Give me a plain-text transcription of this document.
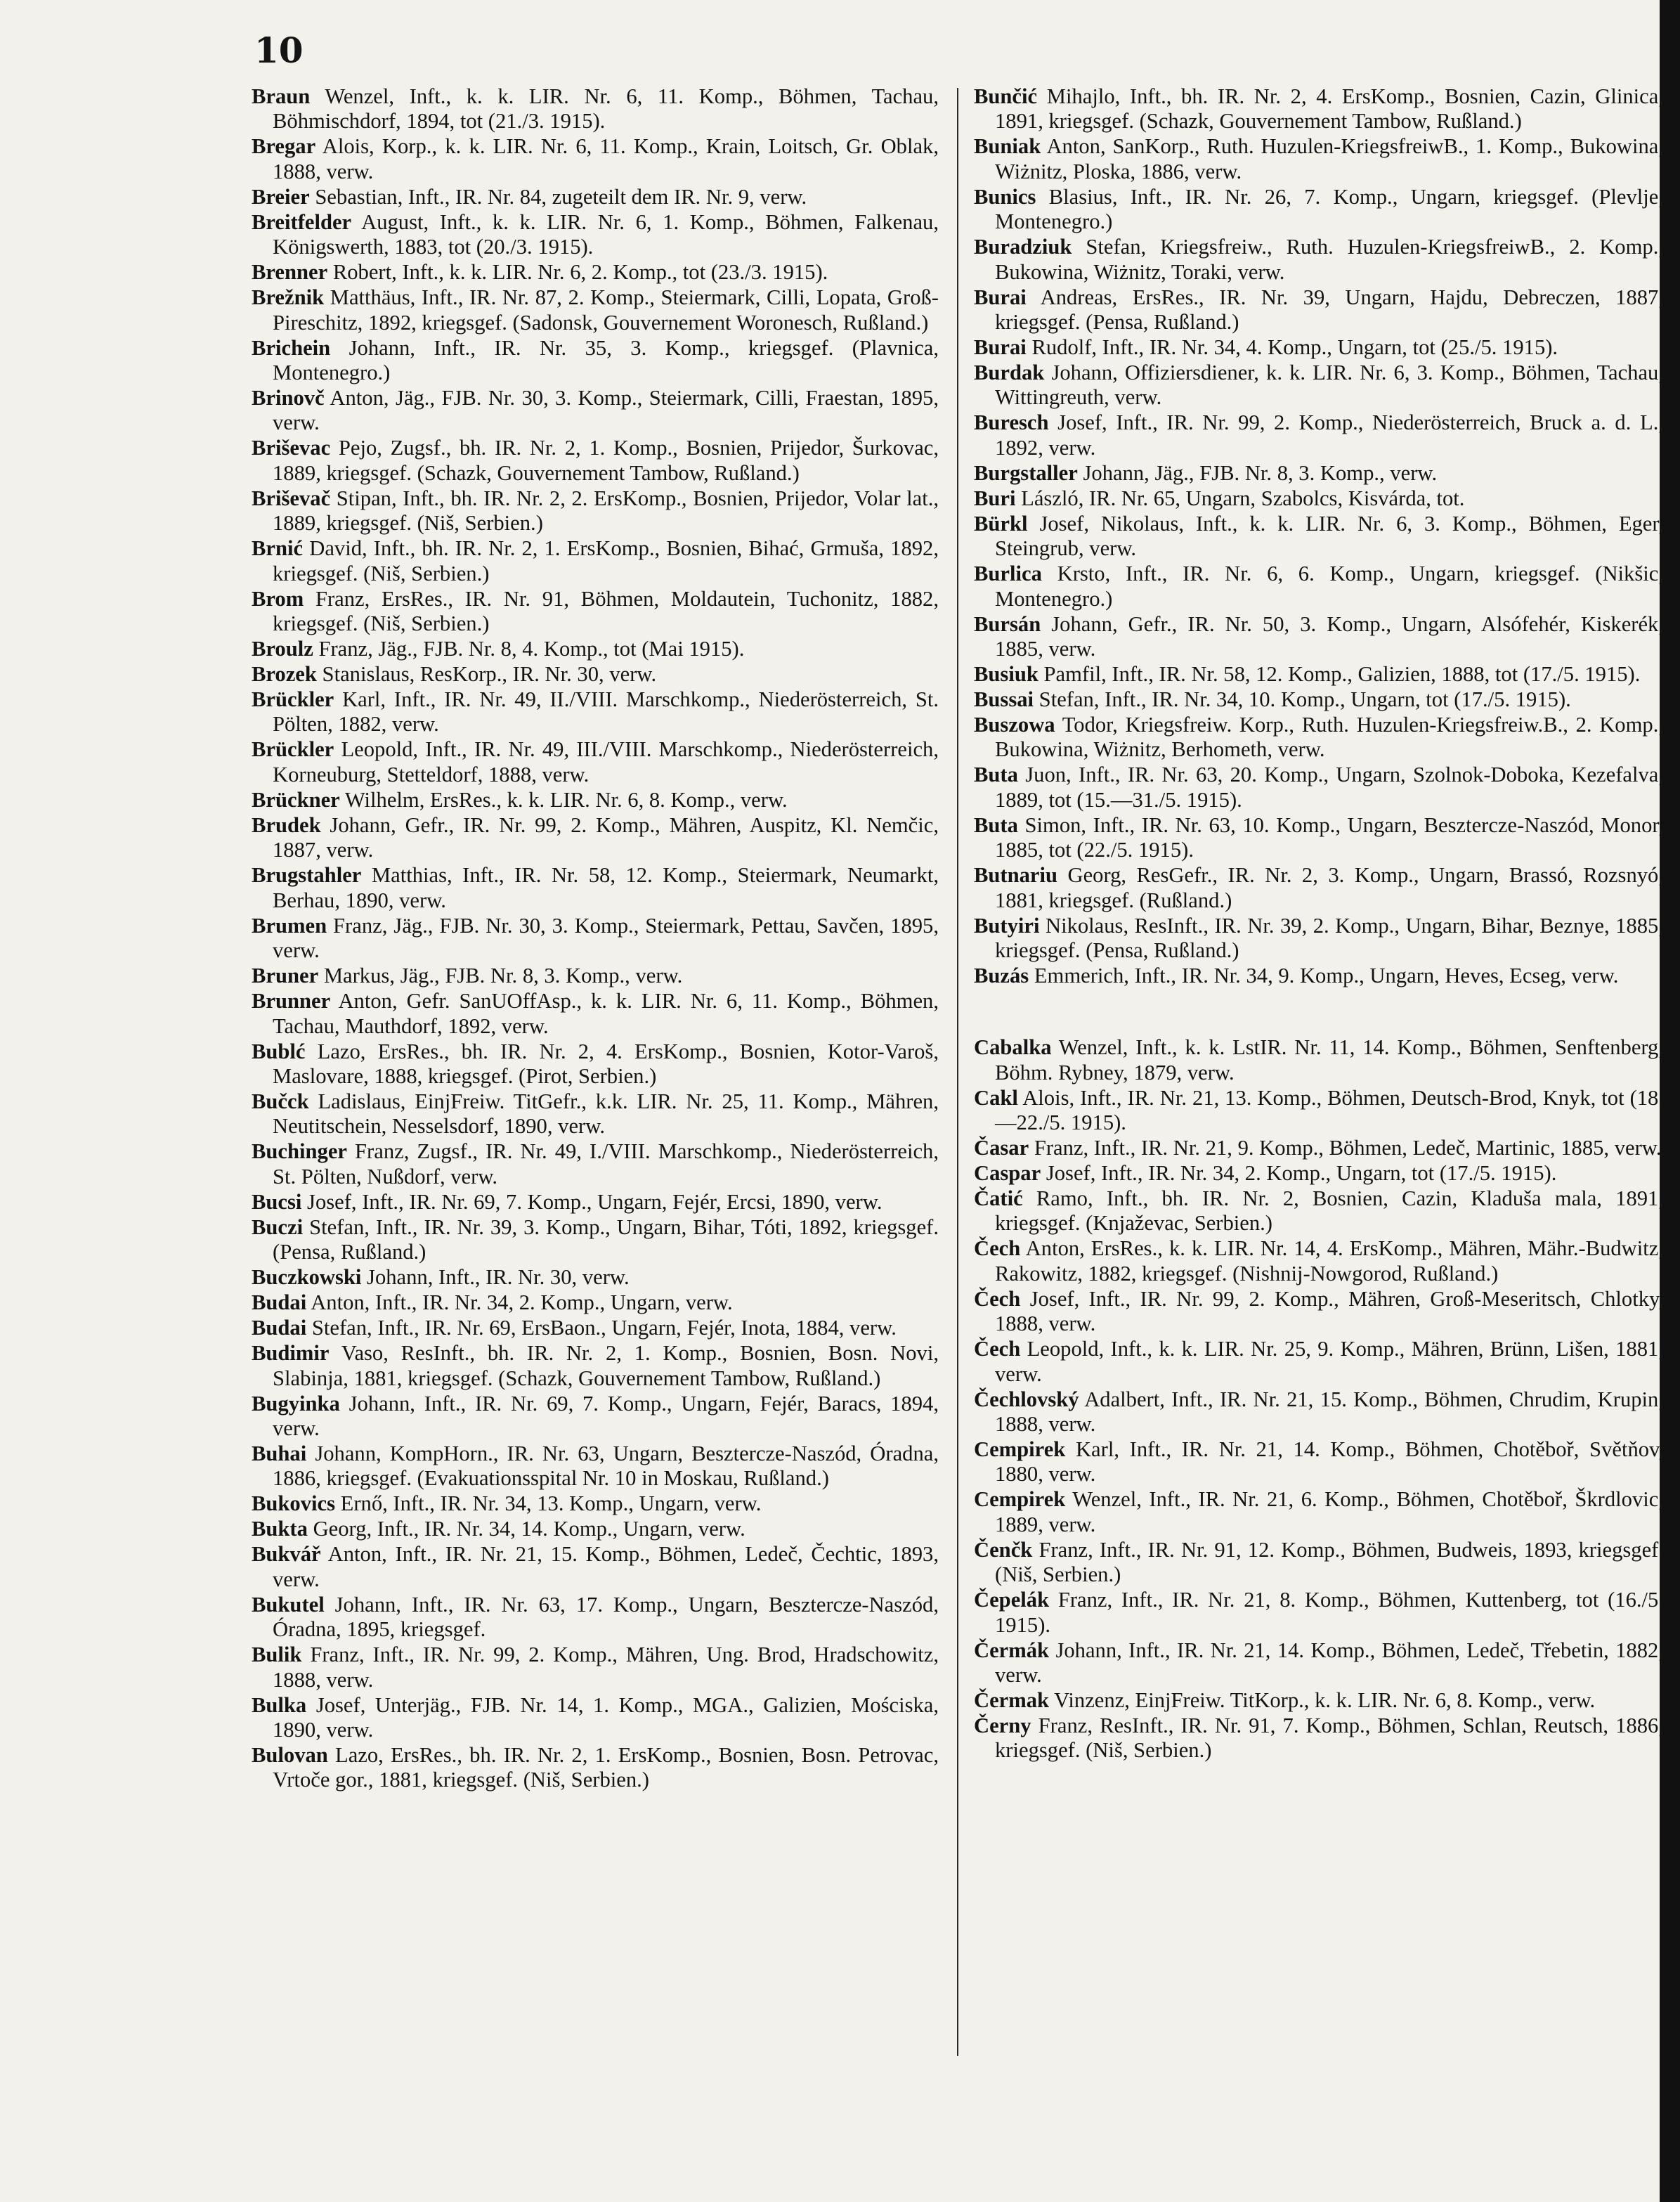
10

Braun Wenzel, Inft., k. k. LIR. Nr. 6, 11. Komp., Böhmen, Tachau, Böhmischdorf, 1894, tot (21./3. 1915).

Bregar Alois, Korp., k. k. LIR. Nr. 6, 11. Komp., Krain, Loitsch, Gr. Oblak, 1888, verw.

Breier Sebastian, Inft., IR. Nr. 84, zugeteilt dem IR. Nr. 9, verw.

Breitfelder August, Inft., k. k. LIR. Nr. 6, 1. Komp., Böhmen, Falkenau, Königswerth, 1883, tot (20./3. 1915).

Brenner Robert, Inft., k. k. LIR. Nr. 6, 2. Komp., tot (23./3. 1915).

Brežnik Matthäus, Inft., IR. Nr. 87, 2. Komp., Steiermark, Cilli, Lopata, Groß-Pireschitz, 1892, kriegsgef. (Sadonsk, Gouvernement Woronesch, Rußland.)

Brichein Johann, Inft., IR. Nr. 35, 3. Komp., kriegsgef. (Plavnica, Montenegro.)

Brinovč Anton, Jäg., FJB. Nr. 30, 3. Komp., Steiermark, Cilli, Fraestan, 1895, verw.

Briševac Pejo, Zugsf., bh. IR. Nr. 2, 1. Komp., Bosnien, Prijedor, Šurkovac, 1889, kriegsgef. (Schazk, Gouvernement Tambow, Rußland.)

Briševač Stipan, Inft., bh. IR. Nr. 2, 2. ErsKomp., Bosnien, Prijedor, Volar lat., 1889, kriegsgef. (Niš, Serbien.)

Brnić David, Inft., bh. IR. Nr. 2, 1. ErsKomp., Bosnien, Bihać, Grmuša, 1892, kriegsgef. (Niš, Serbien.)

Brom Franz, ErsRes., IR. Nr. 91, Böhmen, Moldautein, Tuchonitz, 1882, kriegsgef. (Niš, Serbien.)

Broulz Franz, Jäg., FJB. Nr. 8, 4. Komp., tot (Mai 1915).

Brozek Stanislaus, ResKorp., IR. Nr. 30, verw.

Brückler Karl, Inft., IR. Nr. 49, II./VIII. Marschkomp., Niederösterreich, St. Pölten, 1882, verw.

Brückler Leopold, Inft., IR. Nr. 49, III./VIII. Marschkomp., Niederösterreich, Korneuburg, Stetteldorf, 1888, verw.

Brückner Wilhelm, ErsRes., k. k. LIR. Nr. 6, 8. Komp., verw.

Brudek Johann, Gefr., IR. Nr. 99, 2. Komp., Mähren, Auspitz, Kl. Nemčic, 1887, verw.

Brugstahler Matthias, Inft., IR. Nr. 58, 12. Komp., Steiermark, Neumarkt, Berhau, 1890, verw.

Brumen Franz, Jäg., FJB. Nr. 30, 3. Komp., Steiermark, Pettau, Savčen, 1895, verw.

Bruner Markus, Jäg., FJB. Nr. 8, 3. Komp., verw.

Brunner Anton, Gefr. SanUOffAsp., k. k. LIR. Nr. 6, 11. Komp., Böhmen, Tachau, Mauthdorf, 1892, verw.

Bublć Lazo, ErsRes., bh. IR. Nr. 2, 4. ErsKomp., Bosnien, Kotor-Varoš, Maslovare, 1888, kriegsgef. (Pirot, Serbien.)

Bučck Ladislaus, EinjFreiw. TitGefr., k.k. LIR. Nr. 25, 11. Komp., Mähren, Neutitschein, Nesselsdorf, 1890, verw.

Buchinger Franz, Zugsf., IR. Nr. 49, I./VIII. Marschkomp., Niederösterreich, St. Pölten, Nußdorf, verw.

Bucsi Josef, Inft., IR. Nr. 69, 7. Komp., Ungarn, Fejér, Ercsi, 1890, verw.

Buczi Stefan, Inft., IR. Nr. 39, 3. Komp., Ungarn, Bihar, Tóti, 1892, kriegsgef. (Pensa, Rußland.)

Buczkowski Johann, Inft., IR. Nr. 30, verw.

Budai Anton, Inft., IR. Nr. 34, 2. Komp., Ungarn, verw.

Budai Stefan, Inft., IR. Nr. 69, ErsBaon., Ungarn, Fejér, Inota, 1884, verw.

Budimir Vaso, ResInft., bh. IR. Nr. 2, 1. Komp., Bosnien, Bosn. Novi, Slabinja, 1881, kriegsgef. (Schazk, Gouvernement Tambow, Rußland.)

Bugyinka Johann, Inft., IR. Nr. 69, 7. Komp., Ungarn, Fejér, Baracs, 1894, verw.

Buhai Johann, KompHorn., IR. Nr. 63, Ungarn, Besztercze-Naszód, Óradna, 1886, kriegsgef. (Evakuationsspital Nr. 10 in Moskau, Rußland.)

Bukovics Ernő, Inft., IR. Nr. 34, 13. Komp., Ungarn, verw.

Bukta Georg, Inft., IR. Nr. 34, 14. Komp., Ungarn, verw.

Bukvář Anton, Inft., IR. Nr. 21, 15. Komp., Böhmen, Ledeč, Čechtic, 1893, verw.

Bukutel Johann, Inft., IR. Nr. 63, 17. Komp., Ungarn, Besztercze-Naszód, Óradna, 1895, kriegsgef.

Bulik Franz, Inft., IR. Nr. 99, 2. Komp., Mähren, Ung. Brod, Hradschowitz, 1888, verw.

Bulka Josef, Unterjäg., FJB. Nr. 14, 1. Komp., MGA., Galizien, Mościska, 1890, verw.

Bulovan Lazo, ErsRes., bh. IR. Nr. 2, 1. ErsKomp., Bosnien, Bosn. Petrovac, Vrtoče gor., 1881, kriegsgef. (Niš, Serbien.)

Bunčić Mihajlo, Inft., bh. IR. Nr. 2, 4. ErsKomp., Bosnien, Cazin, Glinica, 1891, kriegsgef. (Schazk, Gouvernement Tambow, Rußland.)

Buniak Anton, SanKorp., Ruth. Huzulen-KriegsfreiwB., 1. Komp., Bukowina, Wiżnitz, Ploska, 1886, verw.

Bunics Blasius, Inft., IR. Nr. 26, 7. Komp., Ungarn, kriegsgef. (Plevlje, Montenegro.)

Buradziuk Stefan, Kriegsfreiw., Ruth. Huzulen-KriegsfreiwB., 2. Komp., Bukowina, Wiżnitz, Toraki, verw.

Burai Andreas, ErsRes., IR. Nr. 39, Ungarn, Hajdu, Debreczen, 1887, kriegsgef. (Pensa, Rußland.)

Burai Rudolf, Inft., IR. Nr. 34, 4. Komp., Ungarn, tot (25./5. 1915).

Burdak Johann, Offiziersdiener, k. k. LIR. Nr. 6, 3. Komp., Böhmen, Tachau, Wittingreuth, verw.

Buresch Josef, Inft., IR. Nr. 99, 2. Komp., Niederösterreich, Bruck a. d. L., 1892, verw.

Burgstaller Johann, Jäg., FJB. Nr. 8, 3. Komp., verw.

Buri László, IR. Nr. 65, Ungarn, Szabolcs, Kisvárda, tot.

Bürkl Josef, Nikolaus, Inft., k. k. LIR. Nr. 6, 3. Komp., Böhmen, Eger, Steingrub, verw.

Burlica Krsto, Inft., IR. Nr. 6, 6. Komp., Ungarn, kriegsgef. (Nikšic, Montenegro.)

Bursán Johann, Gefr., IR. Nr. 50, 3. Komp., Ungarn, Alsófehér, Kiskerék, 1885, verw.

Busiuk Pamfil, Inft., IR. Nr. 58, 12. Komp., Galizien, 1888, tot (17./5. 1915).

Bussai Stefan, Inft., IR. Nr. 34, 10. Komp., Ungarn, tot (17./5. 1915).

Buszowa Todor, Kriegsfreiw. Korp., Ruth. Huzulen-Kriegsfreiw.B., 2. Komp., Bukowina, Wiżnitz, Berhometh, verw.

Buta Juon, Inft., IR. Nr. 63, 20. Komp., Ungarn, Szolnok-Doboka, Kezefalva, 1889, tot (15.—31./5. 1915).

Buta Simon, Inft., IR. Nr. 63, 10. Komp., Ungarn, Besztercze-Naszód, Monor, 1885, tot (22./5. 1915).

Butnariu Georg, ResGefr., IR. Nr. 2, 3. Komp., Ungarn, Brassó, Rozsnyó, 1881, kriegsgef. (Rußland.)

Butyiri Nikolaus, ResInft., IR. Nr. 39, 2. Komp., Ungarn, Bihar, Beznye, 1885, kriegsgef. (Pensa, Rußland.)

Buzás Emmerich, Inft., IR. Nr. 34, 9. Komp., Ungarn, Heves, Ecseg, verw.

Cabalka Wenzel, Inft., k. k. LstIR. Nr. 11, 14. Komp., Böhmen, Senftenberg, Böhm. Rybney, 1879, verw.

Cakl Alois, Inft., IR. Nr. 21, 13. Komp., Böhmen, Deutsch-Brod, Knyk, tot (18.—22./5. 1915).

Časar Franz, Inft., IR. Nr. 21, 9. Komp., Böhmen, Ledeč, Martinic, 1885, verw.

Caspar Josef, Inft., IR. Nr. 34, 2. Komp., Ungarn, tot (17./5. 1915).

Čatić Ramo, Inft., bh. IR. Nr. 2, Bosnien, Cazin, Kladuša mala, 1891, kriegsgef. (Knjaževac, Serbien.)

Čech Anton, ErsRes., k. k. LIR. Nr. 14, 4. ErsKomp., Mähren, Mähr.-Budwitz, Rakowitz, 1882, kriegsgef. (Nishnij-Nowgorod, Rußland.)

Čech Josef, Inft., IR. Nr. 99, 2. Komp., Mähren, Groß-Meseritsch, Chlotky, 1888, verw.

Čech Leopold, Inft., k. k. LIR. Nr. 25, 9. Komp., Mähren, Brünn, Lišen, 1881, verw.

Čechlovský Adalbert, Inft., IR. Nr. 21, 15. Komp., Böhmen, Chrudim, Krupin, 1888, verw.

Cempirek Karl, Inft., IR. Nr. 21, 14. Komp., Böhmen, Chotěboř, Světňov, 1880, verw.

Cempirek Wenzel, Inft., IR. Nr. 21, 6. Komp., Böhmen, Chotěboř, Škrdlovic, 1889, verw.

Čenčk Franz, Inft., IR. Nr. 91, 12. Komp., Böhmen, Budweis, 1893, kriegsgef. (Niš, Serbien.)

Čepelák Franz, Inft., IR. Nr. 21, 8. Komp., Böhmen, Kuttenberg, tot (16./5. 1915).

Čermák Johann, Inft., IR. Nr. 21, 14. Komp., Böhmen, Ledeč, Třebetin, 1882, verw.

Čermak Vinzenz, EinjFreiw. TitKorp., k. k. LIR. Nr. 6, 8. Komp., verw.

Černy Franz, ResInft., IR. Nr. 91, 7. Komp., Böhmen, Schlan, Reutsch, 1886, kriegsgef. (Niš, Serbien.)
